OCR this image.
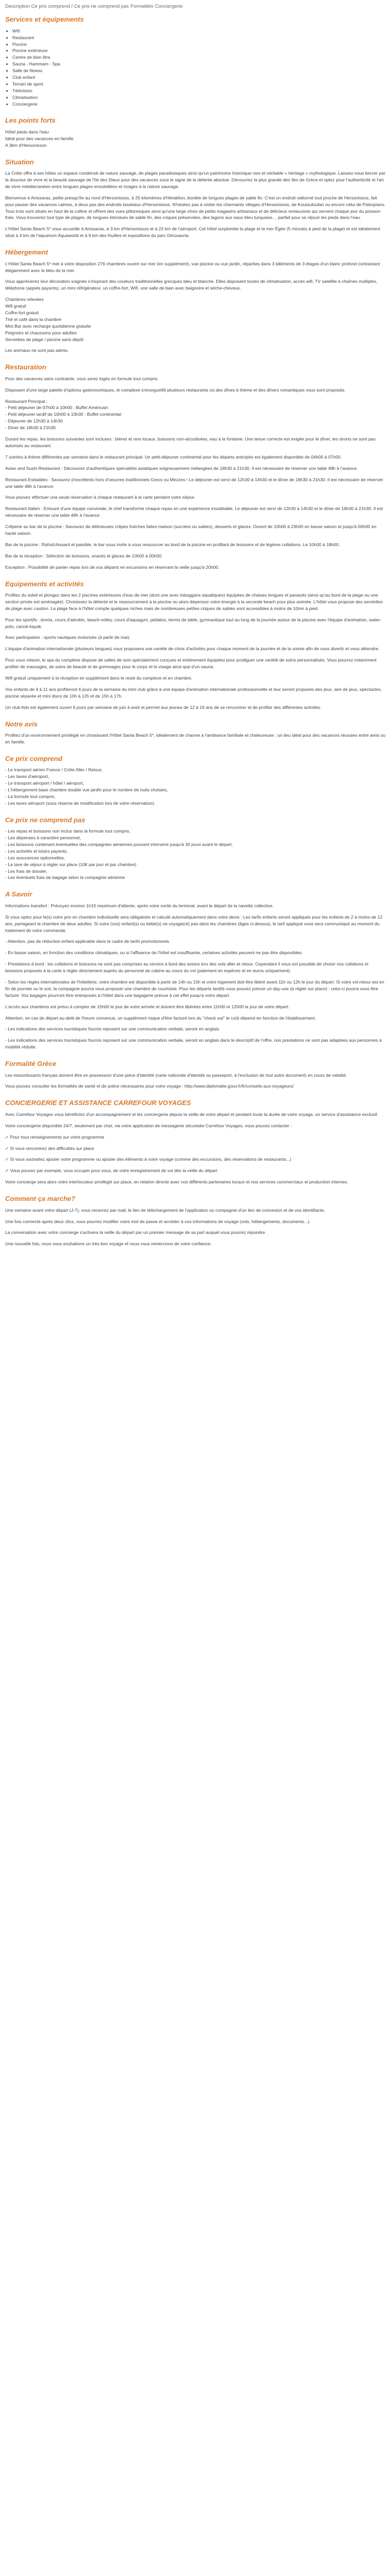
Description Ce prix comprend / Ce prix ne comprend pas Formalités Conciergerie
Services et équipements
• Wifi
• Restaurant
• Piscine
• Piscine extérieure
• Centre de bien être
• Sauna - Hammam - Spa
• Salle de fitness
• Club enfant
• Terrain de sport
• Télévision
• Climatisation
• Conciergerie
Les points forts
Hôtel pieds dans l'eau
Idéal pour des vacances en famille
A 3km d'Hersonissos
Situation

La Crète offre à ses hôtes un espace condensé de nature sauvage, de plages paradisiaques ainsi qu'un patrimoine historique rare et véritable « héritage » mythologique. Laissez-vous bercer par la douceur de vivre et la beauté sauvage de l'île des Dieux pour des vacances sous le signe de la détente absolue. Découvrez la plus grande des îles de Grèce et optez pour l'authenticité et l'art de vivre méditerranéen entre longues plages ensoleillées et rivages à la nature sauvage.

Bienvenue à Anissaras, petite presqu'île au nord d'Hersonissos, à 25 kilomètres d'Héraklion, bordée de longues plages de sable fin. C'est un endroit vallonné tout proche de Hersonissos, fait pour passer des vacances calmes, à deux pas des endroits bouleaux d'Hersonissos. N'hésitez pas à visiter les charmants villages d'Hersonissos, de Koutouloufari ou encore celui de Piskopiano. Tous trois sont situés en haut de la colline et offrent des vues pittoresques ainsi qu'une large choix de petits magasins artisanaux et de délicieux restaurants qui servent chaque jour du poisson frais. Vous trouverez tout type de plages, de longues étendues de sable fin, des criques préservées, des lagons aux eaux bleu turquoise… parfait pour se réjouir les pieds dans l'eau.

L'Hôtel Santa Beach 5* vous accueille à Anissaras, à 3 km d'Hersonissos et à 22 km de l'aéroport. Cet hôtel surplombe la plage et la mer Égée (5 minutes à pied de la plage) et est idéalement situé à 4 km de l'aquarium Aquaworld et à 9 km des fouilles et expositions du parc Dinosauria.

Hébergement

L'Hôtel Santa Beach 5* met à votre disposition 276 chambres ouvert sur mer (en supplément), vue piscine ou vue jardin, réparties dans 3 bâtiments de 3 étages d'un blanc profond contrastant élégamment avec le bleu de la mer.

Vous apprécierez leur décoration soignée s'inspirant des couleurs traditionnelles grecques bleu et blanche. Elles disposent toutes de climatisation, accès wifi, TV satellite à chaînes multiples, téléphone (appels payants), un mini réfrigérateur, un coffre-fort, Wifi, une salle de bain avec baignoire et sèche-cheveux.

Chambres relevées
Wifi gratuit
Coffre-fort gratuit
Thé et café dans la chambre
Mini Bar avec recharge quotidienne gratuite
Peignoirs et chaussons pour adultes
Serviettes de plage / piscine sans dépôt

Les animaux ne sont pas admis.

Restauration

Pour des vacances sans contrainte, vous serez logés en formule tout compris.

Disposant d'une large palette d'options gastronomiques, le complexe s'enorgueillit plusieurs restaurants où des dînes à thème et des dîners romantiques vous sont proposés.

Restaurant Principal :
- Petit déjeuner de 07h00 à 10h00 : Buffet Américain
- Petit déjeuner tardif de 10h00 à 10h30 : Buffet continental
- Déjeuner de 12h30 à 14h30
- Dîner de 18h30 à 21h30

Durant les repas, les boissons suivantes sont incluses : bières et vins locaux, boissons non-alcoolisées, eau à la fontaine. Une tenue correcte est exigée pour le dîner, les shorts ne sont pas autorisés au restaurant.

7 soirées à thème différentes par semaine dans le restaurant principal. Un petit-déjeuner continental pour les départs anticipés est également disponible de 04h00 à 07h00.

Asian and Sushi Restaurant : Découvrez d'authentiques spécialités asiatiques soigneusement mélangées de 18h30 à 21h30. Il est nécessaire de réserver une table 48h à l'avance.

Restaurant Estiaddes : Savourez d'excellents hors d'oeuvres traditionnels Grecs ou Mezzes ! Le déjeuner est servi de 12h30 à 14h30 et le dîner de 18h30 à 21h30. Il est nécessaire de réserver une table 48h à l'avance.

Vous pouvez effectuer une seule réservation à chaque restaurant à la carte pendant votre séjour.

Restaurant Italien : Entouré d'une équipe conviviale, le chef transforme chaque repas en une expérience inoubliable. Le déjeuner est servi de 12h30 à 14h30 et le dîner de 18h30 à 21h30. Il est nécessaire de réserver une table 48h à l'avance.

Crêperie au bar de la piscine : Savourez de délicieuses crêpes fraîches faites maison (sucrées ou salées), desserts et glaces. Ouvert de 10h00 à 23h00 en basse saison et jusqu'à 00h00 en haute saison.

Bar de la piscine : Rafraîchissant et paisible, le bar vous invite à vous ressourcer au bord de la piscine en profitant de boissons et de légères collations. Le 10h00 à 18h00.

Bar de la réception : Sélection de boissons, snacks et glaces de 10h00 à 00h00.

Exception : Possibilité de panier repas lors de vos départs en excursions en réservant la veille jusqu'à 20h00.

Equipements et activités

Profitez du soleil et plongez dans les 2 piscines extérieures d'eau de mer (dont une avec toboggans aquatiques) équipées de chaises longues et parasols (ainsi qu'au bord de la plage ou une section privée est aménagée). Choisissez la détente et le ressourcement à la piscine ou alors dépensez votre énergie à la seconde beach pour plus animée. L'hôtel vous propose des serviettes de plage avec caution. La plage face à l'hôtel compte quelques niches mais de nombreuses petites criques de sables sont accessibles à moins de 10mn à pied.

Pour les sportifs : tennis, cours d'aérobic, beach-volley, cours d'aquagym, pédalos, tennis de table, gymnastique tout au long de la journée autour de la piscine avec l'équipe d'animation, water-polo, canoë-kayak.

Avec participation : sports nautiques motorisés (à partir de mai).

L'équipe d'animation internationale (plusieurs langues) vous proposera une variété de choix d'activités pour chaque moment de la journée et de la soirée afin de vous divertir et vous détendre.

Pour vous relaxer, le spa du complexe dispose de salles de soin spécialement conçues et entièrement équipées pour prodiguer une variété de soins personnalisés. Vous pourrez notamment profiter de massages, de soins de beauté et de gommages pour le corps et le visage ainsi que d'un sauna.

Wifi gratuit uniquement à la réception en supplément dans le reste du complexe et en chambre.

Vos enfants de 4 à 11 ans profiteront 6 jours de la semaine du mini club grâce à une équipe d'animation internationale professionnelle et leur seront proposés des jeux, aire de jeux, spectacles, piscine séparée et mini disco de 10h à 12h et de 15h à 17h.

Un club Ado est également ouvert 6 jours par semaine de juin à août et permet aux jeunes de 12 à 16 ans de se rencontrer et de profiter des différentes activités.

Notre avis

Profitez d'un environnement privilégié en choisissant l'Hôtel Santa Beach 5*, idéalement de charme à l'ambiance familiale et chaleureuse ; un lieu idéal pour des vacances réussies entre amis ou en famille.

Ce prix comprend
- Le transport aérien France / Crète Aller / Retour,
- Les taxes d'aéroport,
- Le transport aéroport / hôtel / aéroport,
- L'hébergement base chambre double vue jardin pour le nombre de nuits choisies,
- La formule tout compris,
- Les taxes aéroport (sous réserve de modification lors de votre réservation).
Ce prix ne comprend pas
- Les repas et boissons non inclus dans la formule tout compris,
- Les dépenses à caractère personnel,
- Les boissons contenant éventuelles des compagnies aériennes pouvant intervenir jusqu'à 30 jours avant le départ,
- Les activités et loisirs payants,
- Les assurances optionnelles,
- La taxe de séjour à régler sur place (10€ par jour et par chambre)
- Les frais de dossier,
- Les éventuels frais de bagage selon la compagnie aérienne
A Savoir

Informations transfert : Prévoyez environ 1h15 maximum d'attente, après votre sortie du terminal, avant le départ de la navette collective.

Si vous optez pour le(s) votre prix en chambre individuelle sera obligatoire et calculé automatiquement dans votre devis : Les tarifs enfants seront appliqués pour les enfants de 2 à moins de 12 ans, partageant la chambre de deux adultes. Si votre (vos) enfant(s) ou bébé(s) ne voyage(nt) pas dans les chambres (âges ci-dessus), le tarif appliqué vous sera communiqué au moment du traitement de votre commande.

- Attention, pas de réduction enfant applicable dans le cadre de tarifs promotionnels.

- En basse saison, en fonction des conditions climatiques, ou si l'affluence de l'hôtel est insuffisante, certaines activités peuvent ne pas être disponibles.

- Prestations à bord : les collations et boissons ne sont pas comprises au service à bord des avions lors des vols aller et retour. Cependant il vous est possible de choisir vos collations et boissons proposés à la carte à régler directement auprès du personnel de cabine au cours du vol (paiement en espèces et en euros uniquement).

- Selon les règles internationales de l'hôtellerie, votre chambre est disponible à partir de 14h ou 15h et votre logement doit être libéré avant 11h ou 12h le jour du départ. Si votre vol retour est en fin de journée ou le soir, la compagnie pourra vous proposer une chambre de courtoisie. Pour les départs tardifs vous pouvez prévoir un day-use (à régler sur place) : celui-ci pourra vous être facturé. Vos bagages pourront être entreposés à l'hôtel dans une bagagerie prévue à cet effet jusqu'à votre départ.

L'accès aux chambres est prévu à compter de 15h00 le jour de votre arrivée et doivent être libérées entre 11h00 et 12h00 le jour de votre départ.

Attention, en cas de départ au-delà de l'heure convenue, un supplément risque d'être facturé lors du "check out" le coût dépend en fonction de l'établissement.

- Les indications des services touristiques fournis reposent sur une communication verbale, seront en anglais

- Les indications des services touristiques fournis reposent sur une communication verbale, seront en anglais dans le descriptif de l'offre, nos prestations ne sont pas adaptées aux personnes à mobilité réduite.

Formalité Grèce

Les ressortissants français doivent être en possession d'une pièce d'identité (carte nationale d'identité ou passeport, à l'exclusion de tout autre document) en cours de validité.

Vous pouvez consulter les formalités de santé et de police nécessaires pour votre voyage : http://www.diplomatie.gouv.fr/fr/conseils-aux-voyageurs/

CONCIERGERIE ET ASSISTANCE CARREFOUR VOYAGES

Avec Carrefour Voyages vous bénéficiez d'un accompagnement et les conciergerie depuis la veille de votre départ et pendant toute la durée de votre voyage, un service d'assistance exclusif.

Votre conciergerie disponible 24/7, seulement par chat, via votre application de messagerie sécurisée Carrefour Voyages, vous pouvez contacter :

✓ Pour tous renseignements sur votre programme

✓ Si vous rencontrez des difficultés sur place

✓ Si vous souhaitez ajouter votre programme ou ajouter des éléments à votre voyage (comme des excursions, des réservations de restaurants...)

✓ Vous pouvez par exemple, vous occuper pour vous, de votre enregistrement de vol dès la veille du départ

Votre concierge sera alors votre interlocuteur privilégié sur place, en relation directe avec nos différents partenaires locaux et nos services commerciaux et production internes.

Comment ça marche?

Une semaine avant votre départ (J-7), vous recevrez par mail, le lien de téléchargement de l'application ou compagnie d'un lien de connexion et de vos identifiants.

Une fois connecté après deux clics, vous pourrez modifier votre mot de passe et accéder à vos informations de voyage (vols, hébergements, documents...).

La conversation avec votre concierge s'activera la veille du départ par un premier message de sa part auquel vous pourrez répondre.

Une nouvelle fois, nous vous souhaitons un très bon voyage et nous vous remercions de votre confiance.
